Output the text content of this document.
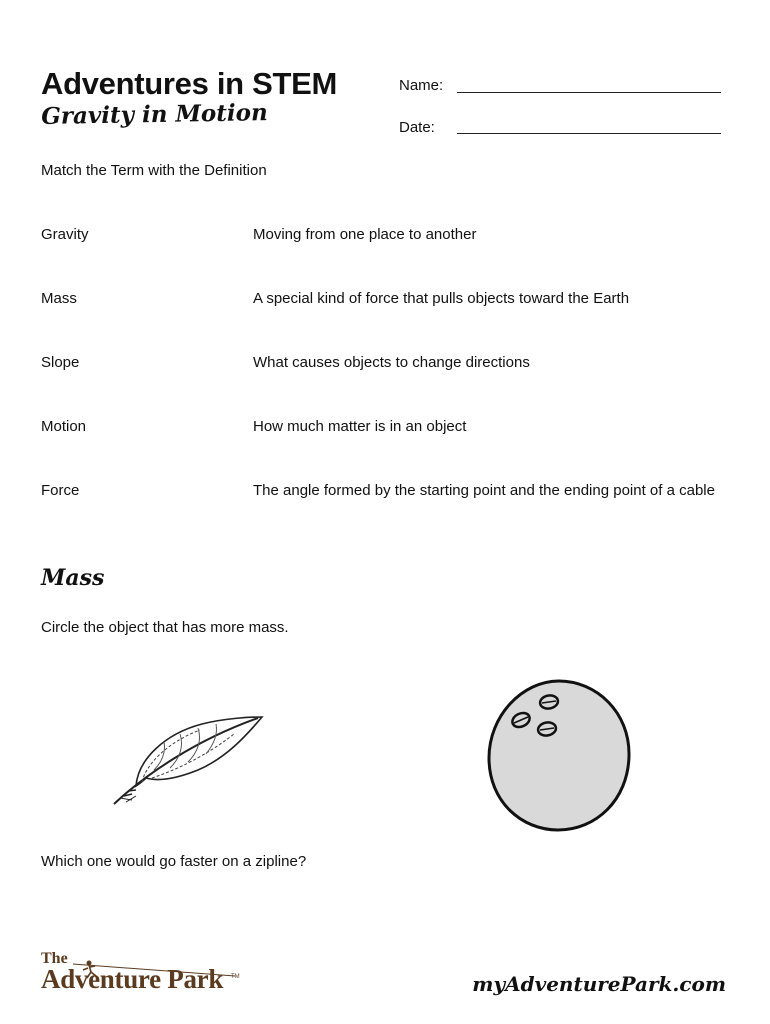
Adventures in STEM
Gravity in Motion
Name:
Date:
Match the Term with the Definition
Gravity	Moving from one place to another
Mass	A special kind of force that pulls objects toward the Earth
Slope	What causes objects to change directions
Motion	How much matter is in an object
Force	The angle formed by the starting point and the ending point of a cable
Mass
Circle the object that has more mass.
Which one would go faster on a zipline?
The
Adventure Park TM	myAdventurePark.com
